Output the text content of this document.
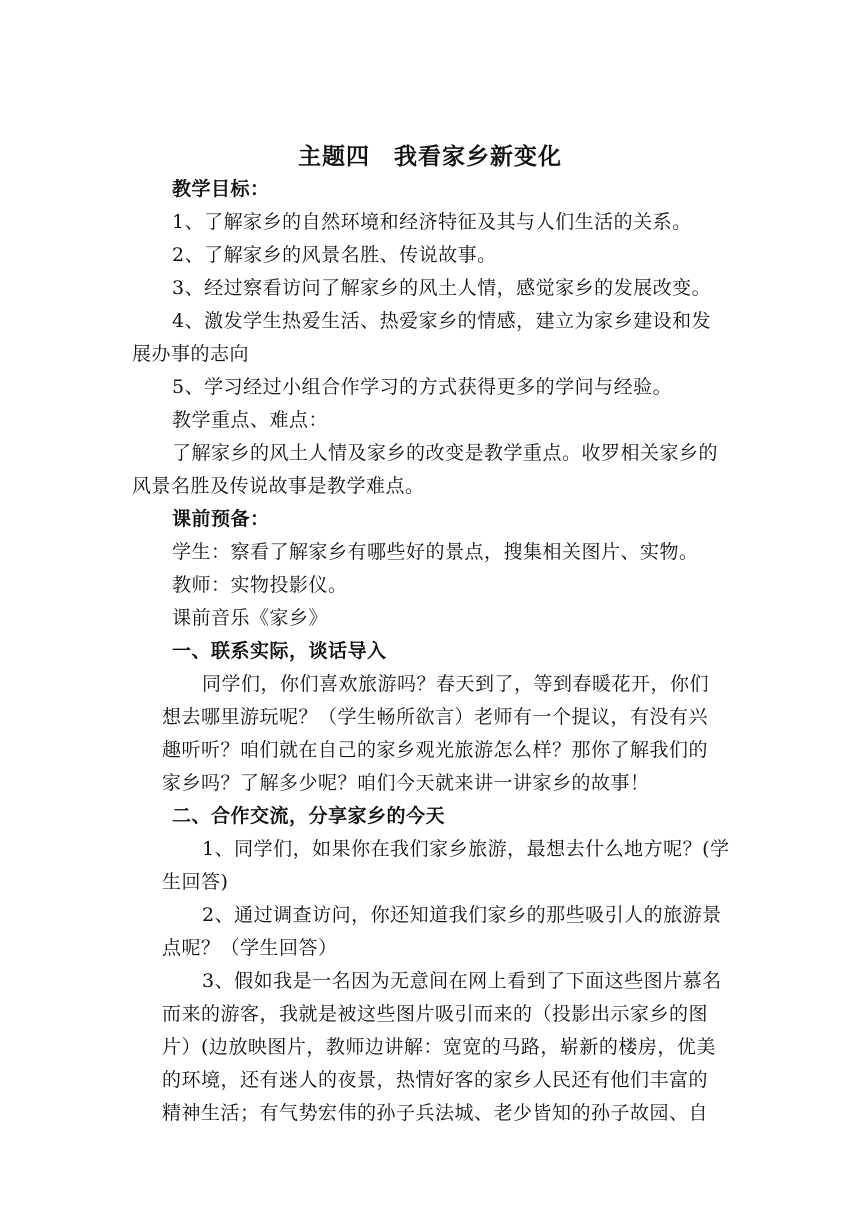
主题四　我看家乡新变化
教学目标：
1、了解家乡的自然环境和经济特征及其与人们生活的关系。
2、了解家乡的风景名胜、传说故事。
3、经过察看访问了解家乡的风土人情，感觉家乡的发展改变。
4、激发学生热爱生活、热爱家乡的情感，建立为家乡建设和发
展办事的志向
5、学习经过小组合作学习的方式获得更多的学问与经验。
教学重点、难点：
了解家乡的风土人情及家乡的改变是教学重点。收罗相关家乡的
风景名胜及传说故事是教学难点。
课前预备：
学生：察看了解家乡有哪些好的景点，搜集相关图片、实物。
教师：实物投影仪。
课前音乐《家乡》
一、联系实际，谈话导入
同学们，你们喜欢旅游吗？春天到了，等到春暖花开，你们
想去哪里游玩呢？（学生畅所欲言）老师有一个提议，有没有兴
趣听听？咱们就在自己的家乡观光旅游怎么样？那你了解我们的
家乡吗？了解多少呢？咱们今天就来讲一讲家乡的故事！
二、合作交流，分享家乡的今天
1、同学们，如果你在我们家乡旅游，最想去什么地方呢？(学
生回答)
2、通过调查访问，你还知道我们家乡的那些吸引人的旅游景
点呢？（学生回答）
3、假如我是一名因为无意间在网上看到了下面这些图片慕名
而来的游客，我就是被这些图片吸引而来的（投影出示家乡的图
片）(边放映图片，教师边讲解：宽宽的马路，崭新的楼房，优美
的环境，还有迷人的夜景，热情好客的家乡人民还有他们丰富的
精神生活；有气势宏伟的孙子兵法城、老少皆知的孙子故园、自
